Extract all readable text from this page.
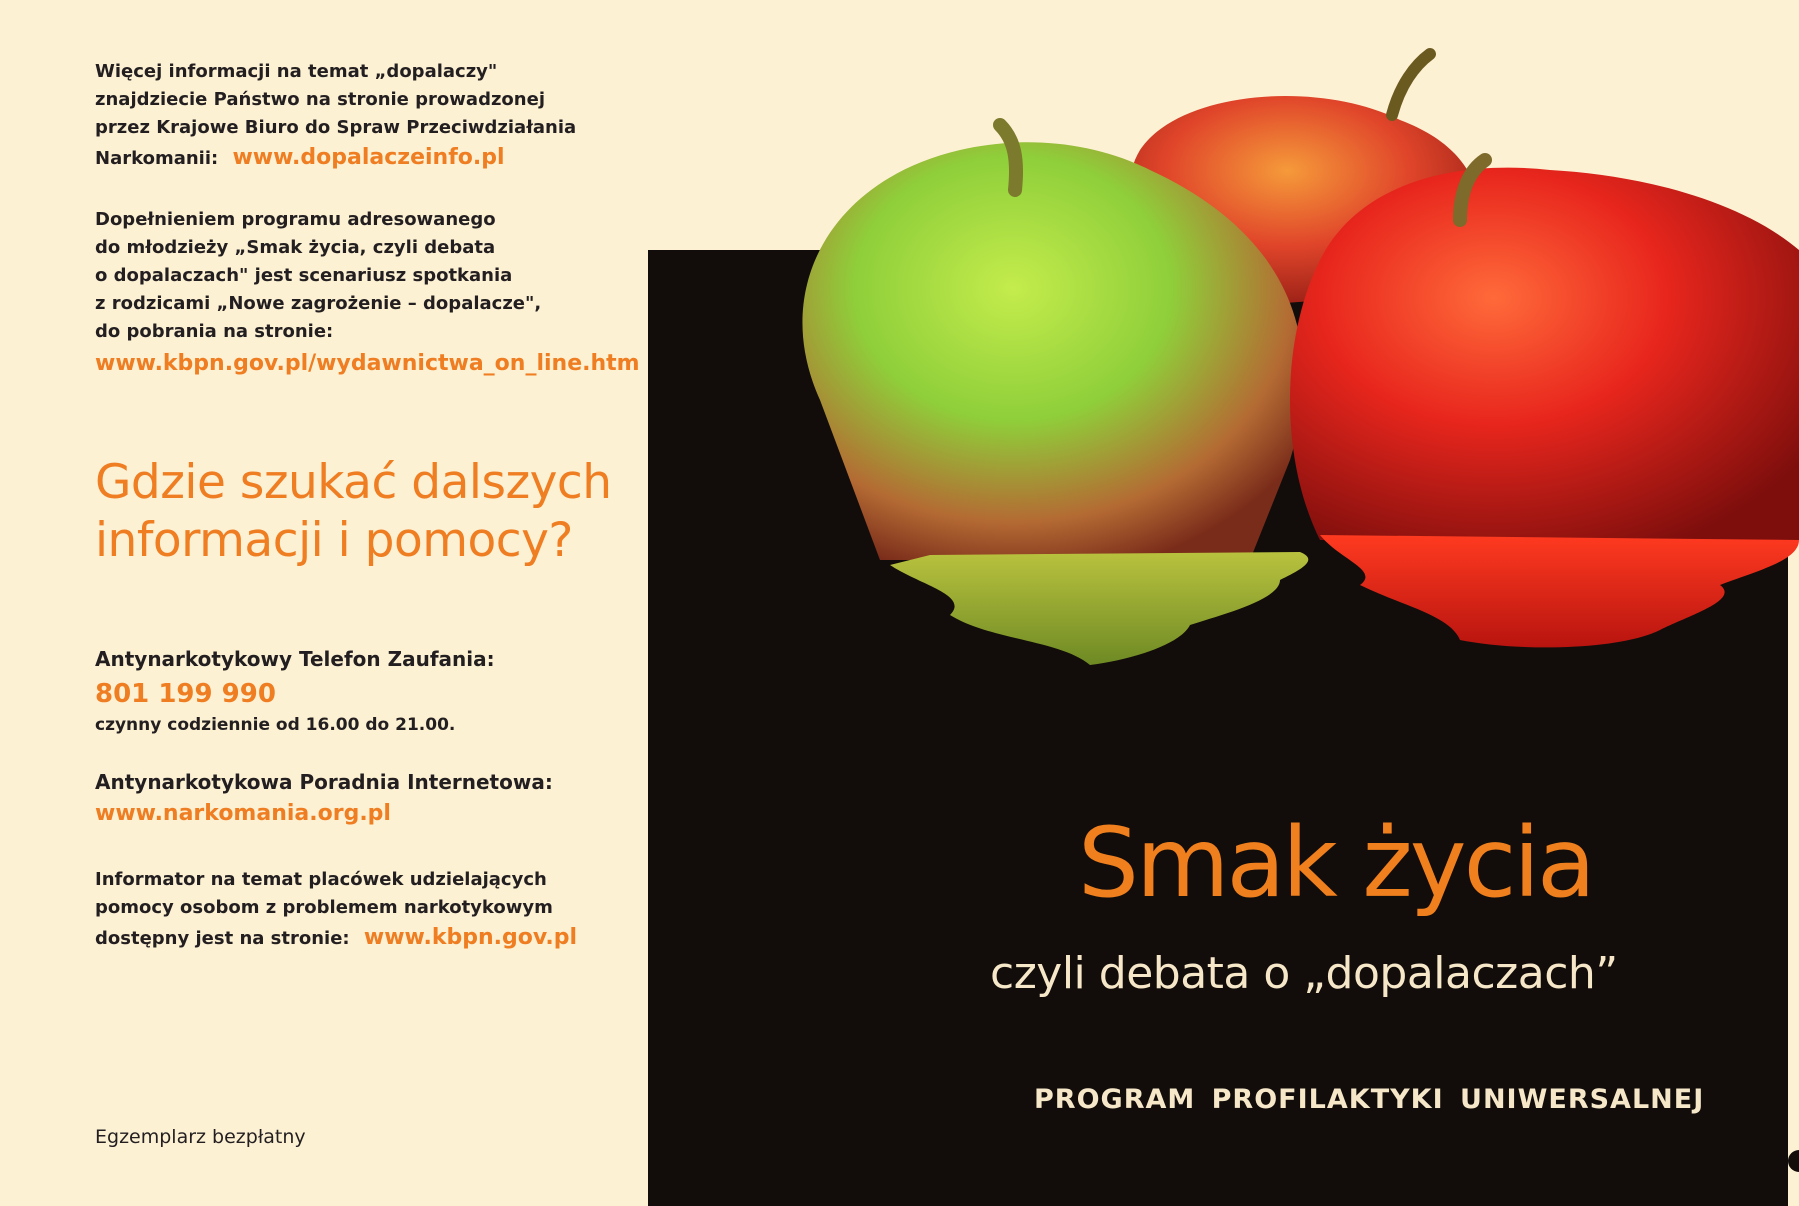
Więcej informacji na temat „dopalaczy"
znajdziecie Państwo na stronie prowadzonej
przez Krajowe Biuro do Spraw Przeciwdziałania
Narkomanii: www.dopalaczeinfo.pl
Dopełnieniem programu adresowanego
do młodzieży „Smak życia, czyli debata
o dopalaczach" jest scenariusz spotkania
z rodzicami „Nowe zagrożenie – dopalacze",
do pobrania na stronie:
www.kbpn.gov.pl/wydawnictwa_on_line.htm
Gdzie szukać dalszych
informacji i pomocy?
Antynarkotykowy Telefon Zaufania:
801 199 990
czynny codziennie od 16.00 do 21.00.
Antynarkotykowa Poradnia Internetowa:
www.narkomania.org.pl
Informator na temat placówek udzielających
pomocy osobom z problemem narkotykowym
dostępny jest na stronie: www.kbpn.gov.pl
Egzemplarz bezpłatny
Smak życia
czyli debata o „dopalaczach”
PROGRAM PROFILAKTYKI UNIWERSALNEJ
